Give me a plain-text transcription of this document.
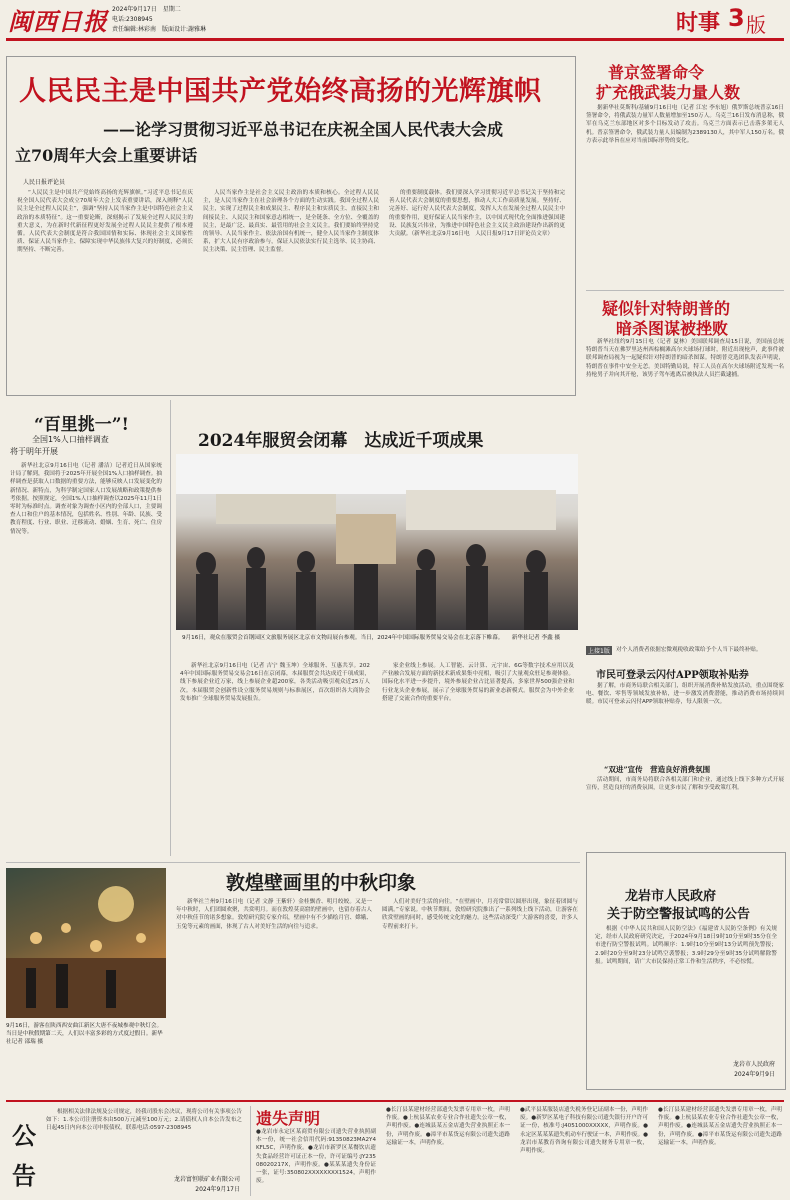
闽西日报 2024年9月17日　星期二
电话:2308945
责任编辑:林彩南　版面设计:謝雅琳	时事 3 版
人民民主是中国共产党始终高扬的光辉旗帜
——论学习贯彻习近平总书记在庆祝全国人民代表大会成
立70周年大会上重要讲话
人民日报评论员

“人民民主是中国共产党始终高扬的光辉旗帜。”习近平总书记在庆祝全国人民代表大会成立70周年大会上发表重要讲话，深入阐释“人民民主是全过程人民民主”，强调“坚持人民当家作主是中国特色社会主义政治的本质特征”。这一重要论断，深刻揭示了发展全过程人民民主的重大意义，为在新时代新征程更好发展全过程人民民主提供了根本遵循。人民代表大会制度是符合我国国情和实际、体现社会主义国家性质、保证人民当家作主、保障实现中华民族伟大复兴的好制度，必须长期坚持、不断完善。

人民当家作主是社会主义民主政治的本质和核心。全过程人民民主，是人民当家作主在社会治理各个方面的生动实践。我国全过程人民民主，实现了过程民主和成果民主、程序民主和实质民主、直接民主和间接民主、人民民主和国家意志相统一，是全链条、全方位、全覆盖的民主，是最广泛、最真实、最管用的社会主义民主。我们要始终坚持党的领导、人民当家作主、依法治国有机统一，健全人民当家作主制度体系，扩大人民有序政治参与，保证人民依法实行民主选举、民主协商、民主决策、民主管理、民主监督。

的重要制度载体。我们要深入学习贯彻习近平总书记关于坚持和完善人民代表大会制度的重要思想，推动人大工作高质量发展。坚持好、完善好、运行好人民代表大会制度，发挥人大在发展全过程人民民主中的重要作用，更好保证人民当家作主，以中国式现代化全面推进强国建设、民族复兴伟业，为推进中国特色社会主义民主政治建设作出新的更大贡献。（新华社北京9月16日电　人民日报9月17日评论员文章）

普京签署命令
扩充俄武装力量人数

据新华社莫斯科/基辅9月16日电（记者 江宏 李东旭）俄罗斯总统普京16日签署命令，将俄武装力量军人数量增加至150万人。乌克兰16日发布消息称，俄军在乌克兰东部地区对多个目标发动了攻击。乌克兰方面表示已击落多架无人机。普京签署命令，俄武装力量人员编制为2389130人，其中军人150万名。俄方表示此举旨在应对当前国际形势的变化。

疑似针对特朗普的
暗杀图谋被挫败

新华社纽约9月15日电（记者 夏林）美国联邦调查局15日说，美国前总统特朗普当天在佛罗里达州西棕榈滩高尔夫球场打球时，附近出现枪声，此事件被联邦调查局视为一起疑似针对特朗普的暗杀图谋。特朗普竞选团队发表声明说，特朗普在事件中安全无恙。美国特勤局说，特工人员在高尔夫球场附近发现一名持枪男子并向其开枪，该男子驾车逃离后被执法人员拦截逮捕。

上接1版	对个人消费者依据宏微观税收政策给予个人当下最终补贴。

市民可登录云闪付APP领取补贴券

据了解，市商务局联合相关部门，组织开展消费补贴发放活动，重点围绕家电、餐饮、零售等领域发放补贴，进一步激发消费潜能，推动消费市场持续回暖。市民可登录云闪付APP领取补贴券，每人限领一次。

“双进”宣传　营造良好消费氛围

活动期间，市商务局将联合各相关部门和企业，通过线上线下多种方式开展宣传，营造良好的消费氛围，让更多市民了解和享受政策红利。

龙岩市人民政府
关于防空警报试鸣的公告

根据《中华人民共和国人民防空法》《福建省人民防空条例》有关规定，经市人民政府研究决定，于2024年9月18日9时10分至9时35分在全市进行防空警报试鸣。试鸣顺序：1.9时10分至9时13分试鸣预先警报；2.9时20分至9时23分试鸣空袭警报；3.9时29分至9时35分试鸣解除警报。试鸣期间，请广大市民保持正常工作和生活秩序，不必惊慌。

龙岩市人民政府
2024年9月9日
“百里挑一”!
全国1%人口抽样调查
将于明年开展

新华社北京9月16日电（记者 潘洁）记者近日从国家统计局了解到，我国将于2025年开展全国1%人口抽样调查。抽样调查是获取人口数据的重要方法，能够反映人口发展变化的新情况、新特点，为科学制定国家人口发展战略和政策提供参考依据。按照规定，全国1%人口抽样调查以2025年11月1日零时为标准时点。调查对象为调查小区内的全部人口，主要调查人口和住户的基本情况，包括姓名、性别、年龄、民族、受教育程度、行业、职业、迁移流动、婚姻、生育、死亡、住房情况等。

2024年服贸会闭幕　达成近千项成果
9月16日，观众在服贸会首钢园区文旅服务展区北京市文物局展台参观。当日，2024年中国国际服务贸易交易会在北京落下帷幕。　　新华社记者 李鑫 摄

新华社北京9月16日电（记者 吉宁 魏玉坤）全球服务、互惠共享。2024年中国国际服务贸易交易会16日在京闭幕，本届服贸会共达成近千项成果，线下参展企业近万家，线上参展企业超200家，各类活动吸引观众近25万人次。本届服贸会创新性设立服务贸易规则与标准展区，首次组织各大商协会发布推广全球服务贸易发展报告。

家企业线上参展。人工智能、云计算、元宇宙、6G等数字技术应用以及产业融合发展方面的新技术新成果集中亮相，吸引了大量观众驻足参观体验。国际化水平进一步提升，境外参展企业占比显著提高，多家世界500强企业和行业龙头企业参展，展示了全球服务贸易的新业态新模式。服贸会为中外企业搭建了交流合作的重要平台。

敦煌壁画里的中秋印象
9月16日，游客在陕西西安曲江新区大唐不夜城参观中秋灯会。当日是中秋假期第二天，人们以丰富多彩的方式度过假日。新华社记者 邵瑞 摄

新华社兰州9月16日电（记者 文静 王紫轩）金桂飘香、明月皎皎。又是一年中秋时，人们团圆欢聚，共赏明月。而在敦煌莫高窟的壁画中，也留存着古人对中秋佳节的诸多想象。敦煌研究院专家介绍，壁画中有不少描绘月宫、嫦娥、玉兔等元素的画面，体现了古人对美好生活的向往与追求。

人们对美好生活的向往。“在壁画中，月亮常常以圆形出现，象征着团圆与圆满。”专家说。中秋节期间，敦煌研究院推出了一系列线上线下活动，让游客在欣赏壁画的同时，感受传统文化的魅力。这些活动深受广大游客的喜爱，许多人专程前来打卡。

公
告

根据相关法律法规及公司规定，经我司股东会决议，现将公司有关事项公告如下：1.本公司注册资本由500万元减至100万元；2.请债权人自本公告发布之日起45日内向本公司申报债权。联系电话:0597-2308945

龙岩富恒联矿业有限公司
2024年9月17日
遗失声明

●龙岩市永定区某商贸有限公司遗失营业执照副本一份，统一社会信用代码:91350823MA2Y4KFL5C，声明作废。●龙岩市新罗区某餐饮店遗失食品经营许可证正本一份，许可证编号:JY23508020217X，声明作废。●某某某遗失身份证一张，证号:350802XXXXXXXX1524，声明作废。

●长汀县某建材经营部遗失发票专用章一枚，声明作废。●上杭县某农业专业合作社遗失公章一枚，声明作废。●连城县某五金店遗失营业执照正本一份，声明作废。●漳平市某货运有限公司遗失道路运输证一本，声明作废。

●武平县某服装店遗失税务登记证副本一份，声明作废。●新罗区某电子科技有限公司遗失银行开户许可证一份，核准号:J4051000XXXXX，声明作废。●永定区某某某遗失机动车行驶证一本，声明作废。●龙岩市某教育咨询有限公司遗失财务专用章一枚，声明作废。

●长汀县某建材经营部遗失发票专用章一枚，声明作废。●上杭县某农业专业合作社遗失公章一枚，声明作废。●连城县某五金店遗失营业执照正本一份，声明作废。●漳平市某货运有限公司遗失道路运输证一本，声明作废。
